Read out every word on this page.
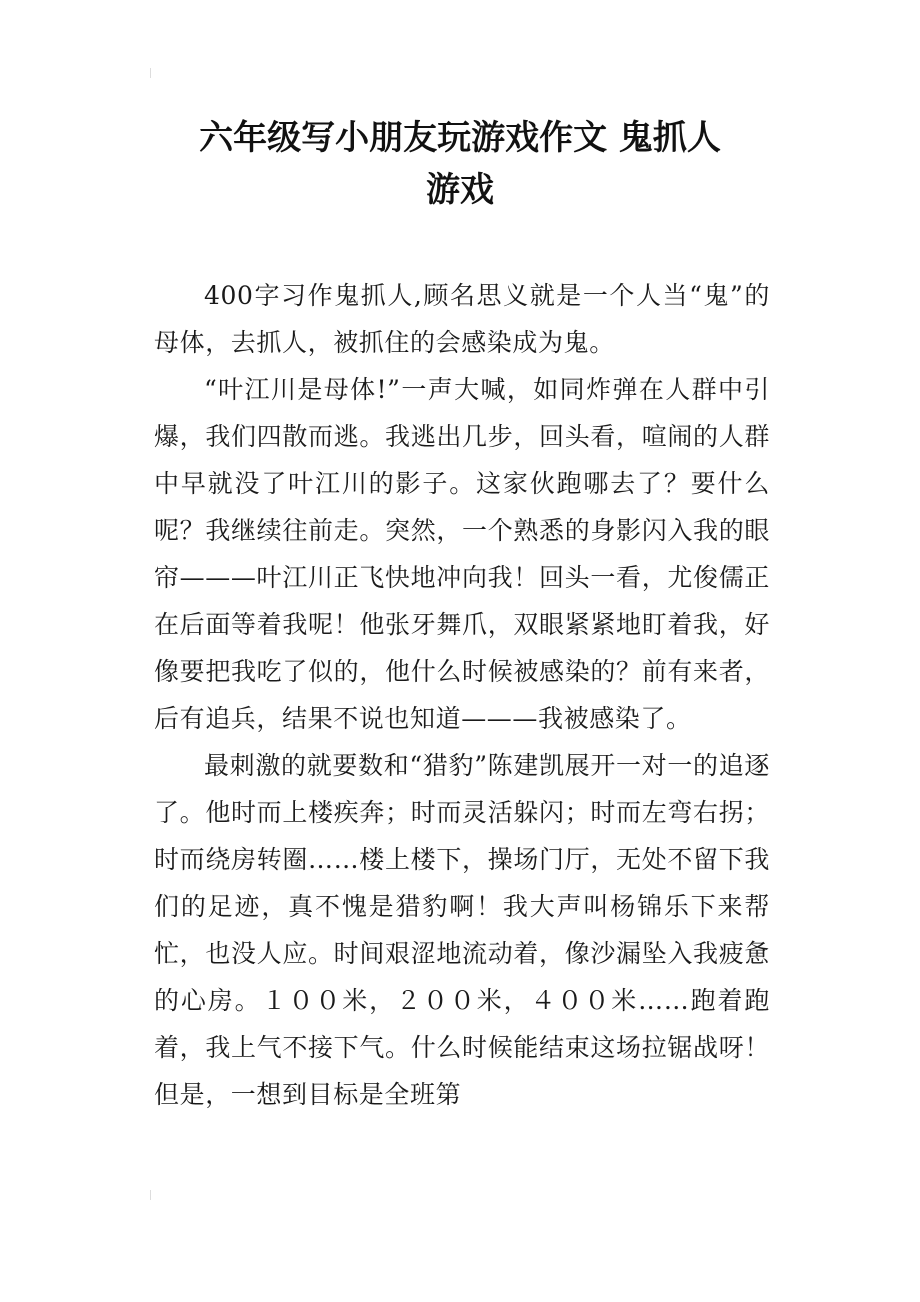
六年级写小朋友玩游戏作文 鬼抓人
游戏

400字习作鬼抓人,顾名思义就是一个人当“鬼”的母体，去抓人，被抓住的会感染成为鬼。

“叶江川是母体!”一声大喊，如同炸弹在人群中引爆，我们四散而逃。我逃出几步，回头看，喧闹的人群中早就没了叶江川的影子。这家伙跑哪去了？要什么呢？我继续往前走。突然，一个熟悉的身影闪入我的眼帘———叶江川正飞快地冲向我！回头一看，尤俊儒正在后面等着我呢！他张牙舞爪，双眼紧紧地盯着我，好像要把我吃了似的，他什么时候被感染的？前有来者，后有追兵，结果不说也知道———我被感染了。

最刺激的就要数和“猎豹”陈建凯展开一对一的追逐了。他时而上楼疾奔；时而灵活躲闪；时而左弯右拐；时而绕房转圈……楼上楼下，操场门厅，无处不留下我们的足迹，真不愧是猎豹啊！我大声叫杨锦乐下来帮忙，也没人应。时间艰涩地流动着，像沙漏坠入我疲惫的心房。１００米，２００米，４００米……跑着跑着，我上气不接下气。什么时候能结束这场拉锯战呀！但是，一想到目标是全班第
